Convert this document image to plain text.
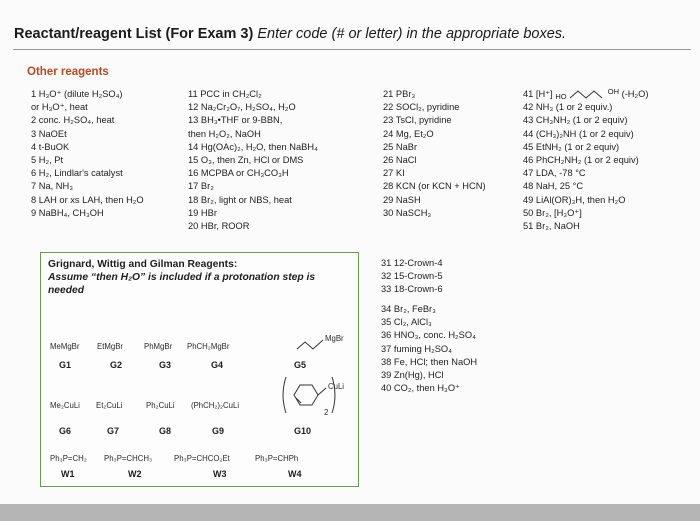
Reactant/reagent List (For Exam 3) Enter code (# or letter) in the appropriate boxes.
Other reagents
1 H₃O⁺ (dilute H₂SO₄)
or H₃O⁺, heat
2 conc. H₂SO₄, heat
3 NaOEt
4 t-BuOK
5 H₂, Pt
6 H₂, Lindlar's catalyst
7 Na, NH₃
8 LAH or xs LAH, then H₂O
9 NaBH₄, CH₃OH
11 PCC in CH₂Cl₂
12 Na₂Cr₂O₇, H₂SO₄, H₂O
13 BH₃•THF or 9-BBN,
then H₂O₂, NaOH
14 Hg(OAc)₂, H₂O, then NaBH₄
15 O₃, then Zn, HCl or DMS
16 MCPBA or CH₃CO₃H
17 Br₂
18 Br₂, light or NBS, heat
19 HBr
20 HBr, ROOR
21 PBr₃
22 SOCl₂, pyridine
23 TsCl, pyridine
24 Mg, Et₂O
25 NaBr
26 NaCl
27 KI
28 KCN (or KCN + HCN)
29 NaSH
30 NaSCH₃
41 [H⁺] $_{HO}$  $^{OH}$ (-H₂O)
42 NH₃ (1 or 2 equiv.)
43 CH₃NH₂ (1 or 2 equiv)
44 (CH₃)₂NH (1 or 2 equiv)
45 EtNH₂ (1 or 2 equiv)
46 PhCH₂NH₂ (1 or 2 equiv)
47 LDA, -78 °C
48 NaH, 25 °C
49 LiAl(OR)₃H, then H₂O
50 Br₂, [H₃O⁺]
51 Br₂, NaOH
31 12-Crown-4
32 15-Crown-5
33 18-Crown-6
34 Br₂, FeBr₃
35 Cl₂, AlCl₃
36 HNO₃, conc. H₂SO₄
37 fuming H₂SO₄
38 Fe, HCl; then NaOH
39 Zn(Hg), HCl
40 CO₂, then H₃O⁺
Grignard, Wittig and Gilman Reagents:
Assume “then H₂O” is included if a protonation step is
needed
MeMgBr EtMgBr	PhMgBr PhCH₂MgBr
MgBr
G1	G2	G3	G4	G5
Me₂CuLi Et₂CuLi	Ph₂CuLi (PhCH₂)₂CuLi
CuLi
2
G6	G7	G8	G9	G10
Ph₃P=CH₂ Ph₃P=CHCH₃	Ph₃P=CHCO₂Et	Ph₃P=CHPh
W1	W2	W3	W4
